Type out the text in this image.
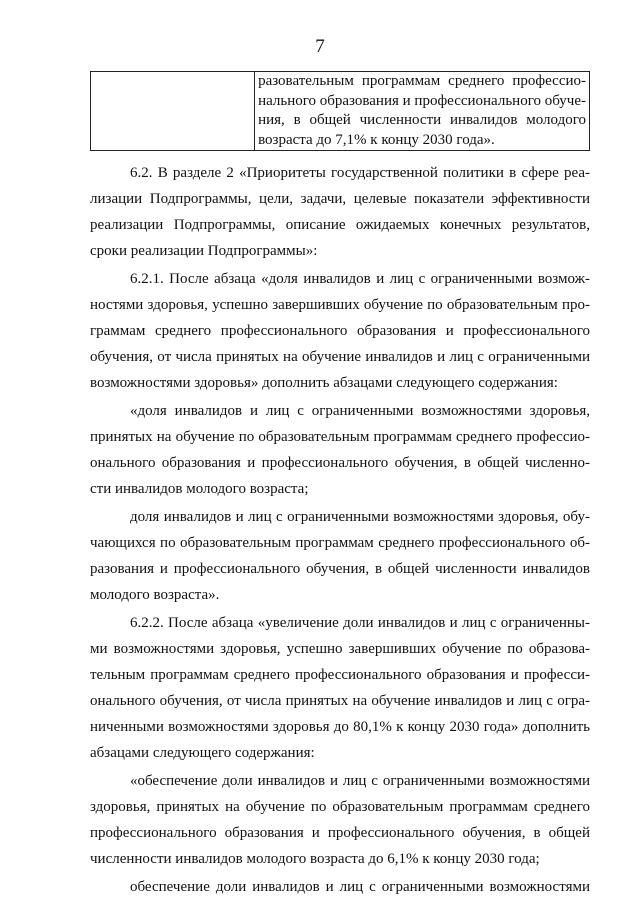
7

разовательным программам среднего профессио-
нального образования и профессионального обуче-
ния, в общей численности инвалидов молодого
возраста до 7,1% к концу 2030 года».
6.2. В разделе 2 «Приоритеты государственной политики в сфере реа-
лизации Подпрограммы, цели, задачи, целевые показатели эффективности
реализации Подпрограммы, описание ожидаемых конечных результатов,
сроки реализации Подпрограммы»:
6.2.1. После абзаца «доля инвалидов и лиц с ограниченными возмож-
ностями здоровья, успешно завершивших обучение по образовательным про-
граммам среднего профессионального образования и профессионального
обучения, от числа принятых на обучение инвалидов и лиц с ограниченными
возможностями здоровья» дополнить абзацами следующего содержания:
«доля инвалидов и лиц с ограниченными возможностями здоровья,
принятых на обучение по образовательным программам среднего профессио-
онального образования и профессионального обучения, в общей численно-
сти инвалидов молодого возраста;
доля инвалидов и лиц с ограниченными возможностями здоровья, обу-
чающихся по образовательным программам среднего профессионального об-
разования и профессионального обучения, в общей численности инвалидов
молодого возраста».
6.2.2. После абзаца «увеличение доли инвалидов и лиц с ограниченны-
ми возможностями здоровья, успешно завершивших обучение по образова-
тельным программам среднего профессионального образования и професси-
онального обучения, от числа принятых на обучение инвалидов и лиц с огра-
ниченными возможностями здоровья до 80,1% к концу 2030 года» дополнить
абзацами следующего содержания:
«обеспечение доли инвалидов и лиц с ограниченными возможностями
здоровья, принятых на обучение по образовательным программам среднего
профессионального образования и профессионального обучения, в общей
численности инвалидов молодого возраста до 6,1% к концу 2030 года;
обеспечение доли инвалидов и лиц с ограниченными возможностями
